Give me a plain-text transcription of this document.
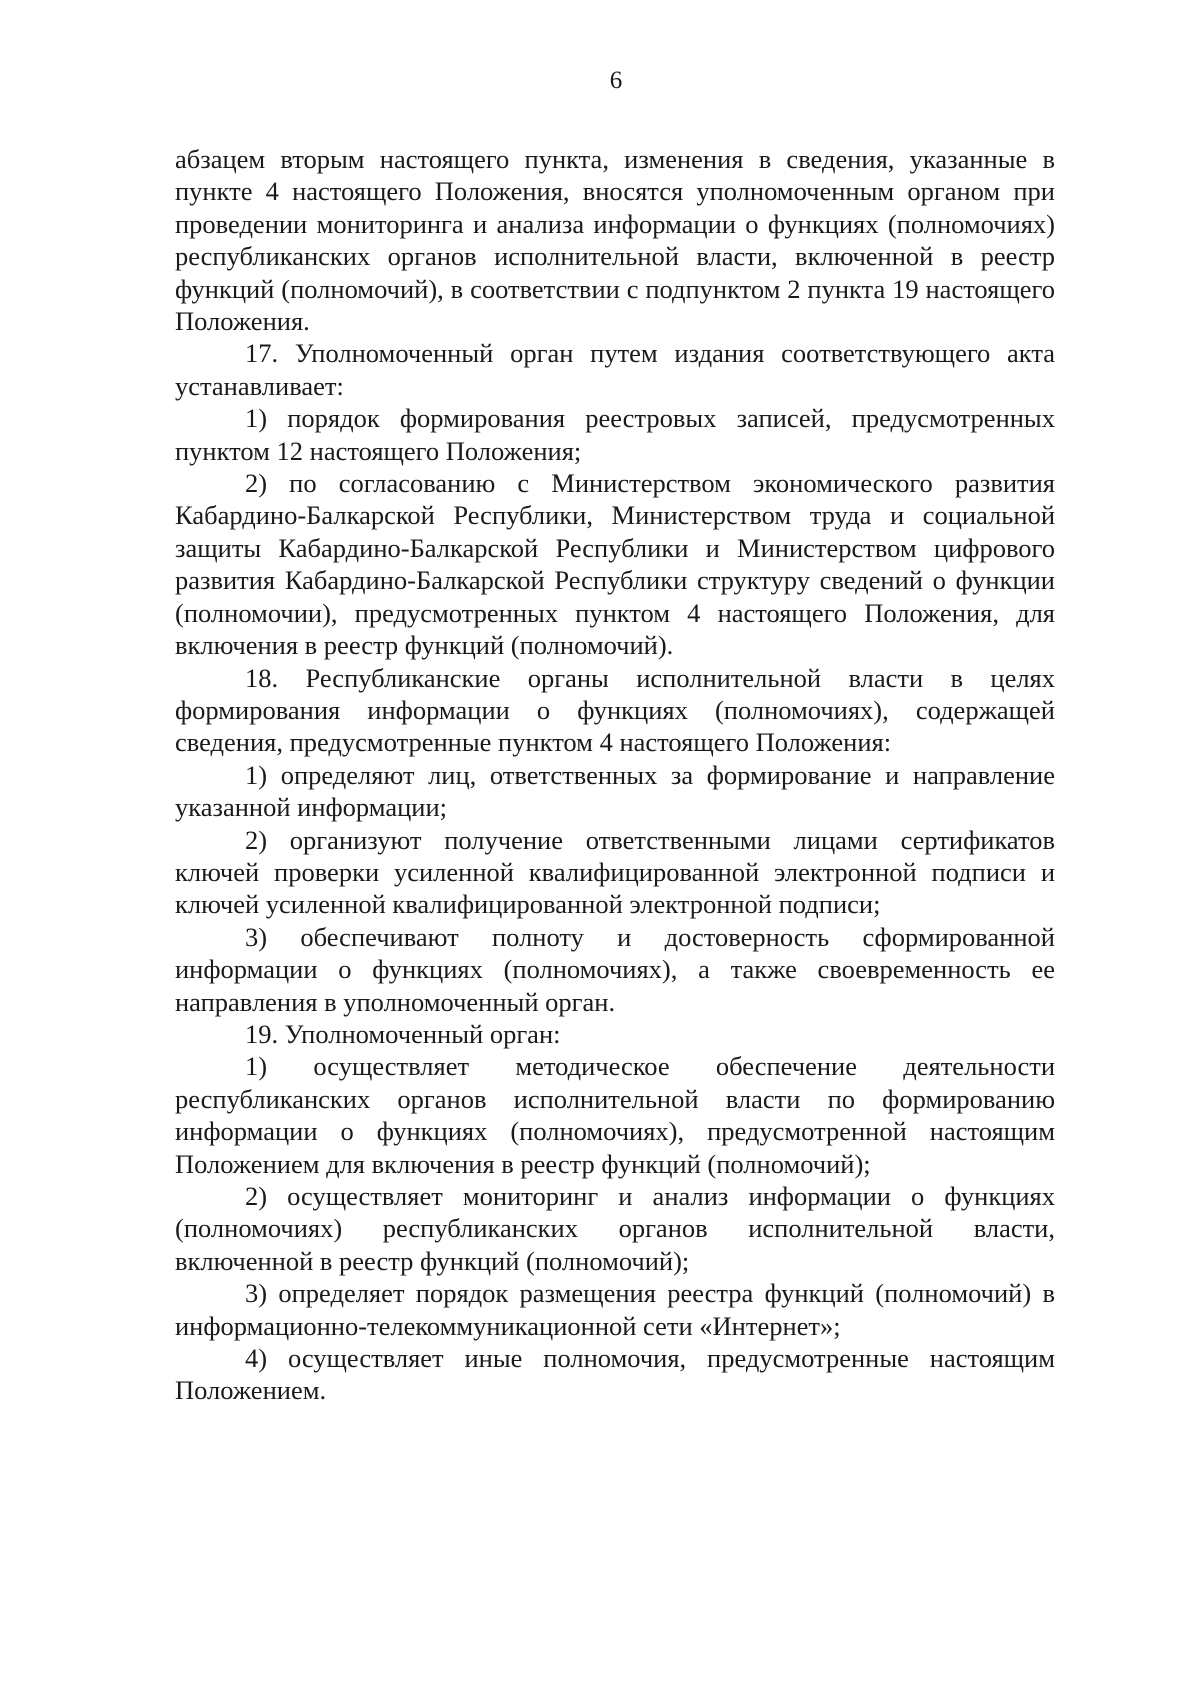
6

абзацем вторым настоящего пункта, изменения в сведения, указанные в пункте 4 настоящего Положения, вносятся уполномоченным органом при проведении мониторинга и анализа информации о функциях (полномочиях) республиканских органов исполнительной власти, включенной в реестр функций (полномочий), в соответствии с подпунктом 2 пункта 19 настоящего Положения.

17. Уполномоченный орган путем издания соответствующего акта устанавливает:

1) порядок формирования реестровых записей, предусмотренных пунктом 12 настоящего Положения;

2) по согласованию с Министерством экономического развития Кабардино-Балкарской Республики, Министерством труда и социальной защиты Кабардино-Балкарской Республики и Министерством цифрового развития Кабардино-Балкарской Республики структуру сведений о функции (полномочии), предусмотренных пунктом 4 настоящего Положения, для включения в реестр функций (полномочий).

18. Республиканские органы исполнительной власти в целях формирования информации о функциях (полномочиях), содержащей сведения, предусмотренные пунктом 4 настоящего Положения:

1) определяют лиц, ответственных за формирование и направление указанной информации;

2) организуют получение ответственными лицами сертификатов ключей проверки усиленной квалифицированной электронной подписи и ключей усиленной квалифицированной электронной подписи;

3) обеспечивают полноту и достоверность сформированной информации о функциях (полномочиях), а также своевременность ее направления в уполномоченный орган.

19. Уполномоченный орган:

1) осуществляет методическое обеспечение деятельности республиканских органов исполнительной власти по формированию информации о функциях (полномочиях), предусмотренной настоящим Положением для включения в реестр функций (полномочий);

2) осуществляет мониторинг и анализ информации о функциях (полномочиях) республиканских органов исполнительной власти, включенной в реестр функций (полномочий);

3) определяет порядок размещения реестра функций (полномочий) в информационно-телекоммуникационной сети «Интернет»;

4) осуществляет иные полномочия, предусмотренные настоящим Положением.
